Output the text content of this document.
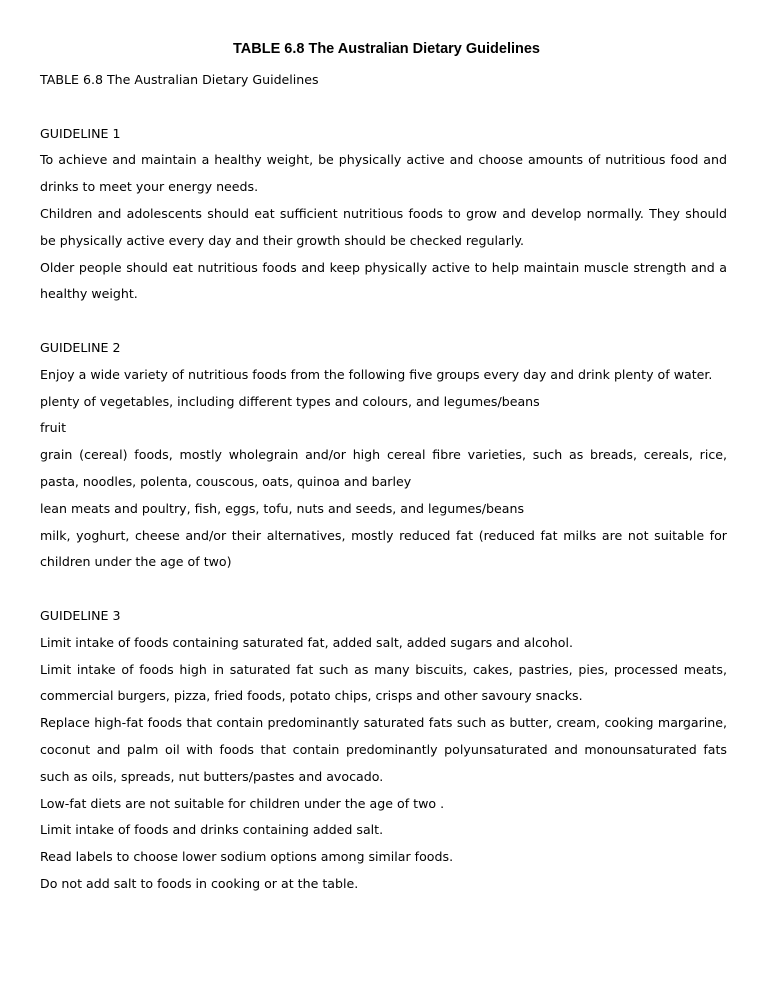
TABLE 6.8 The Australian Dietary Guidelines

TABLE 6.8 The Australian Dietary Guidelines

GUIDELINE 1

To achieve and maintain a healthy weight, be physically active and choose amounts of nutritious food and drinks to meet your energy needs.

Children and adolescents should eat sufficient nutritious foods to grow and develop normally. They should be physically active every day and their growth should be checked regularly.

Older people should eat nutritious foods and keep physically active to help maintain muscle strength and a healthy weight.

GUIDELINE 2

Enjoy a wide variety of nutritious foods from the following five groups every day and drink plenty of water.

plenty of vegetables, including different types and colours, and legumes/beans

fruit

grain (cereal) foods, mostly wholegrain and/or high cereal fibre varieties, such as breads, cereals, rice, pasta, noodles, polenta, couscous, oats, quinoa and barley

lean meats and poultry, fish, eggs, tofu, nuts and seeds, and legumes/beans

milk, yoghurt, cheese and/or their alternatives, mostly reduced fat (reduced fat milks are not suitable for children under the age of two)

GUIDELINE 3

Limit intake of foods containing saturated fat, added salt, added sugars and alcohol.

Limit intake of foods high in saturated fat such as many biscuits, cakes, pastries, pies, processed meats, commercial burgers, pizza, fried foods, potato chips, crisps and other savoury snacks.

Replace high-fat foods that contain predominantly saturated fats such as butter, cream, cooking margarine, coconut and palm oil with foods that contain predominantly polyunsaturated and monounsaturated fats such as oils, spreads, nut butters/pastes and avocado.

Low-fat diets are not suitable for children under the age of two .

Limit intake of foods and drinks containing added salt.

Read labels to choose lower sodium options among similar foods.

Do not add salt to foods in cooking or at the table.
